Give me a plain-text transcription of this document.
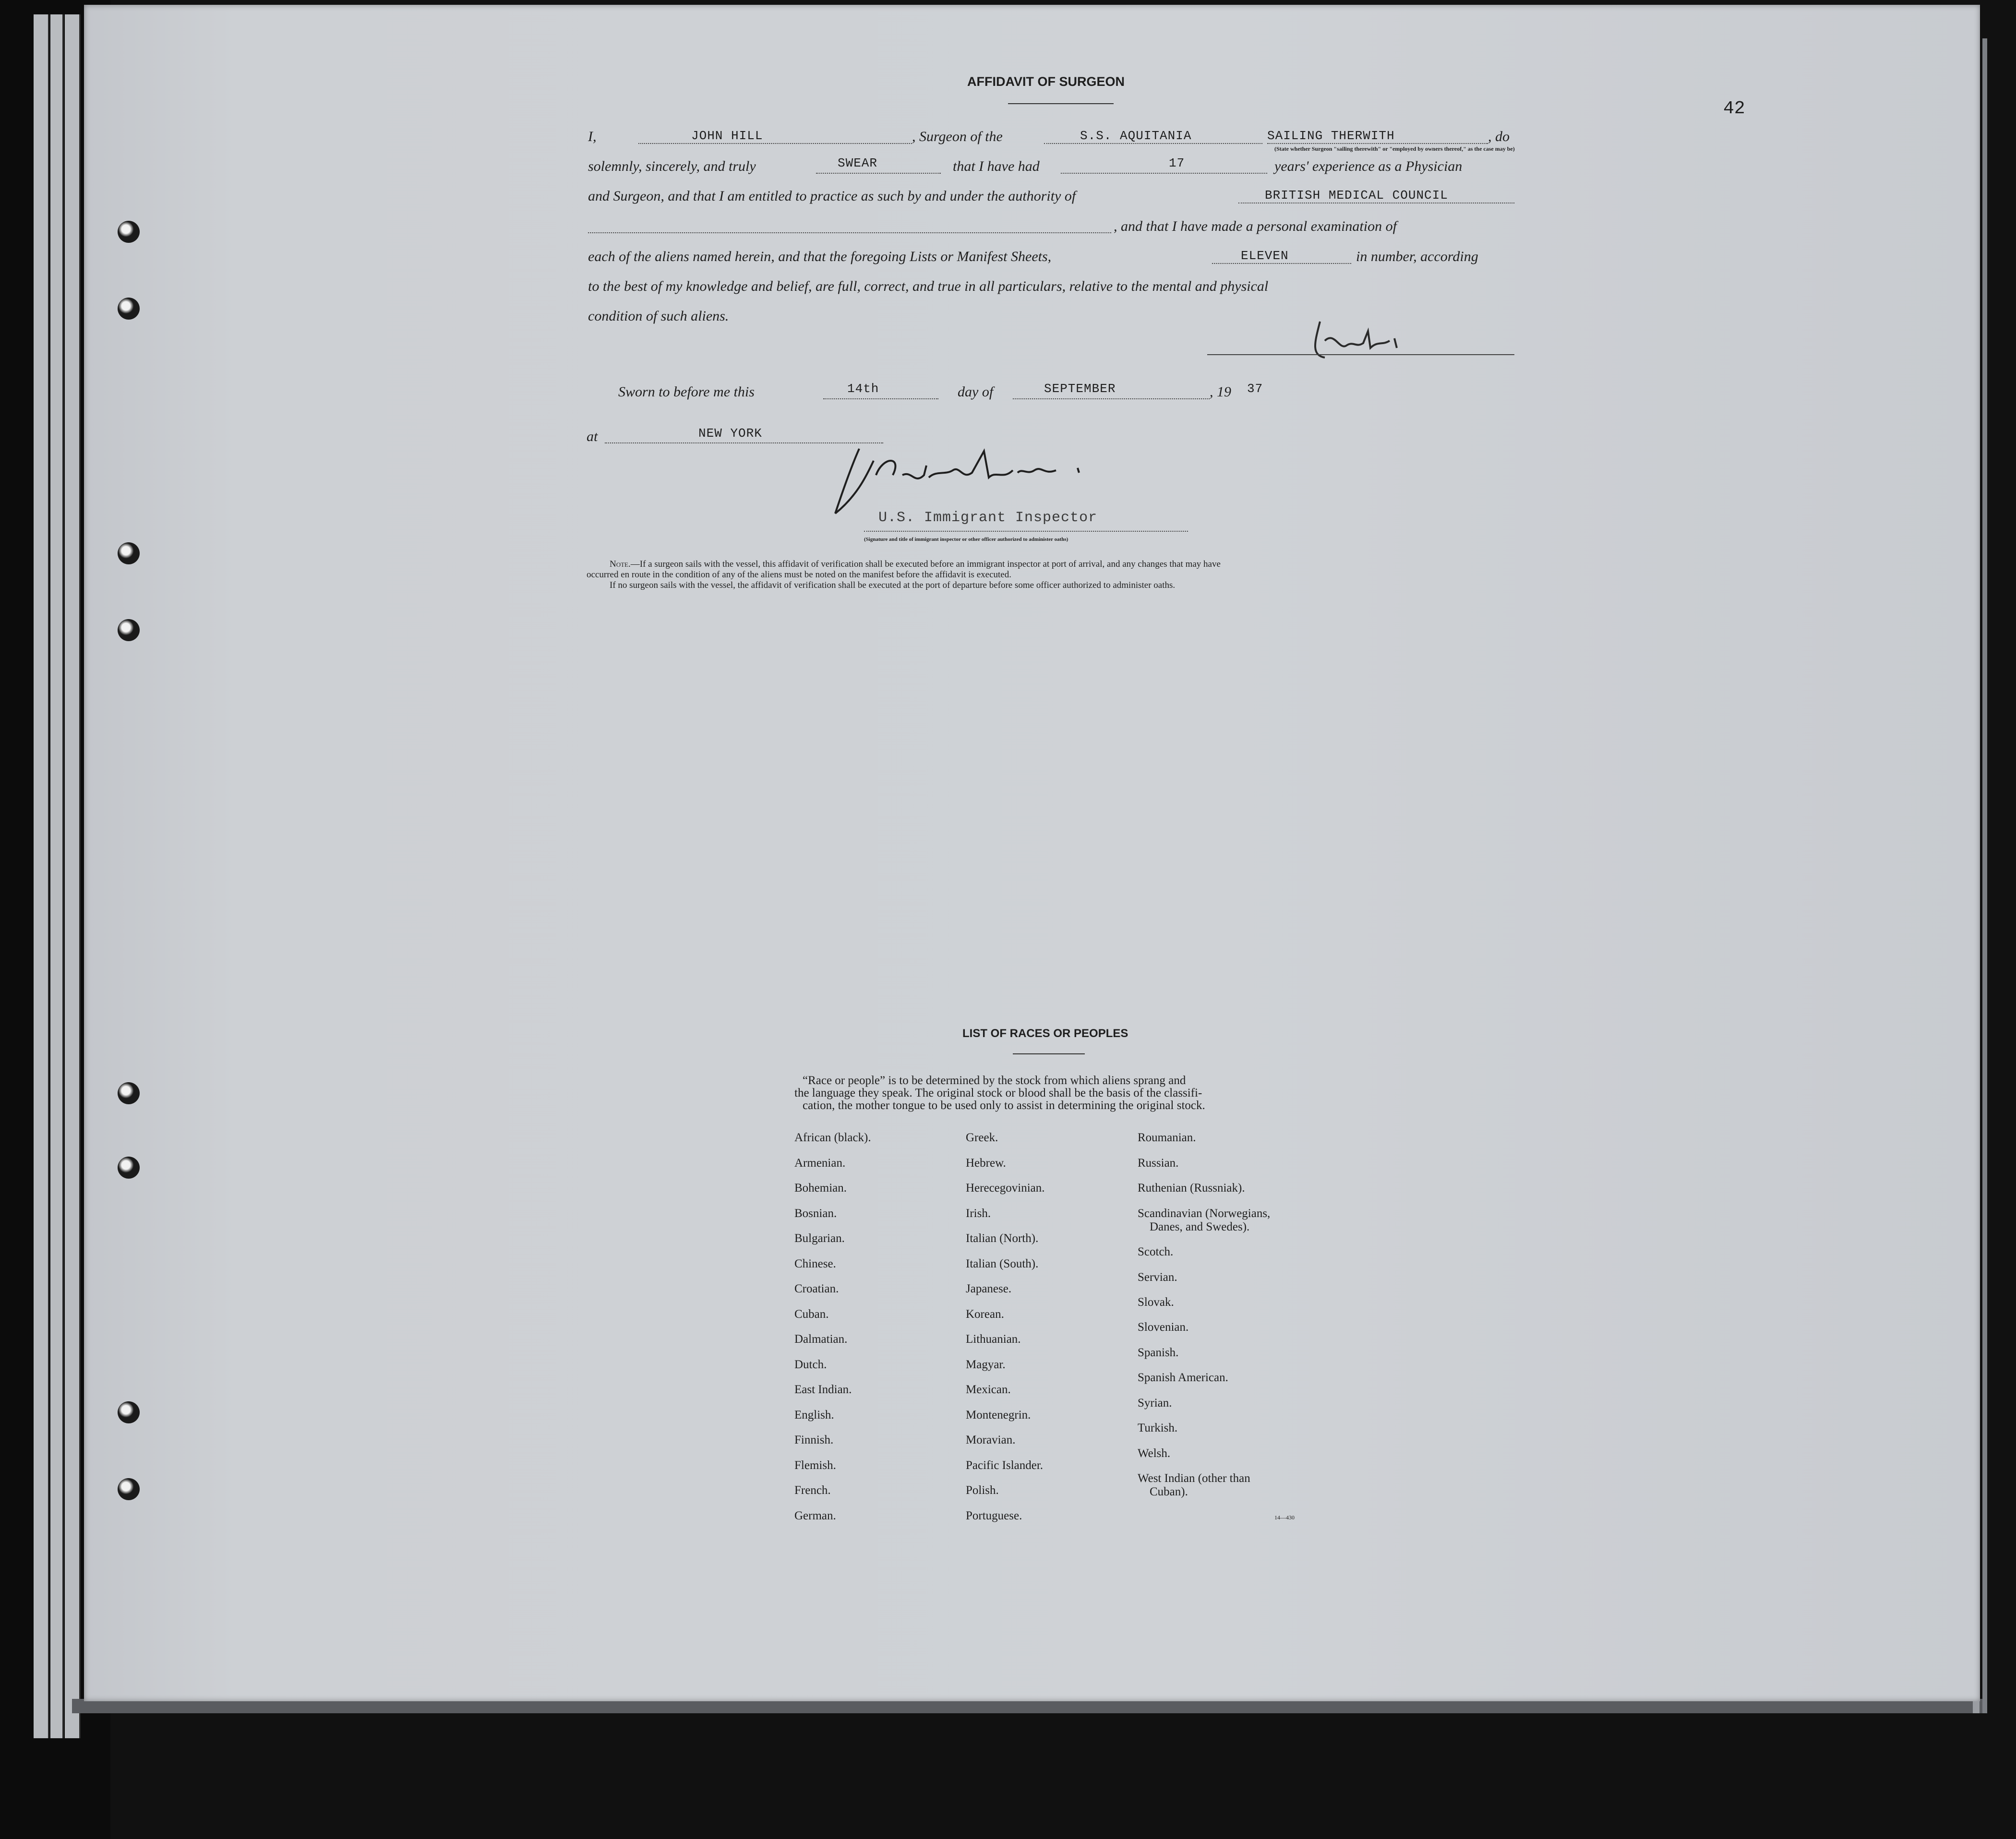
42
AFFIDAVIT OF SURGEON
I,	JOHN HILL	, Surgeon of the	S.S. AQUITANIA	SAILING THERWITH	, do
(State whether Surgeon "sailing therewith" or "employed by owners thereof," as the case may be)
solemnly, sincerely, and truly	SWEAR	that I have had	17	years' experience as a Physician
and Surgeon, and that I am entitled to practice as such by and under the authority of	BRITISH MEDICAL COUNCIL
, and that I have made a personal examination of
each of the aliens named herein, and that the foregoing Lists or Manifest Sheets,	ELEVEN	in number, according
to the best of my knowledge and belief, are full, correct, and true in all particulars, relative to the mental and physical
condition of such aliens.
Sworn to before me this	14th	day of	SEPTEMBER	, 19 37
at	NEW YORK
U.S. Immigrant Inspector
(Signature and title of immigrant inspector or other officer authorized to administer oaths)
Note.—If a surgeon sails with the vessel, this affidavit of verification shall be executed before an immigrant inspector at port of arrival, and any changes that may have
occurred en route in the condition of any of the aliens must be noted on the manifest before the affidavit is executed.
If no surgeon sails with the vessel, the affidavit of verification shall be executed at the port of departure before some officer authorized to administer oaths.
LIST OF RACES OR PEOPLES
“Race or people” is to be determined by the stock from which aliens sprang and
the language they speak. The original stock or blood shall be the basis of the classifi-
cation, the mother tongue to be used only to assist in determining the original stock.
African (black).
Armenian.
Bohemian.
Bosnian.
Bulgarian.
Chinese.
Croatian.
Cuban.
Dalmatian.
Dutch.
East Indian.
English.
Finnish.
Flemish.
French.
German.
Greek.
Hebrew.
Herecegovinian.
Irish.
Italian (North).
Italian (South).
Japanese.
Korean.
Lithuanian.
Magyar.
Mexican.
Montenegrin.
Moravian.
Pacific Islander.
Polish.
Portuguese.
Roumanian.
Russian.
Ruthenian (Russniak).
Scandinavian (Norwegians,
Danes, and Swedes).
Scotch.
Servian.
Slovak.
Slovenian.
Spanish.
Spanish American.
Syrian.
Turkish.
Welsh.
West Indian (other than
Cuban).
14—430
